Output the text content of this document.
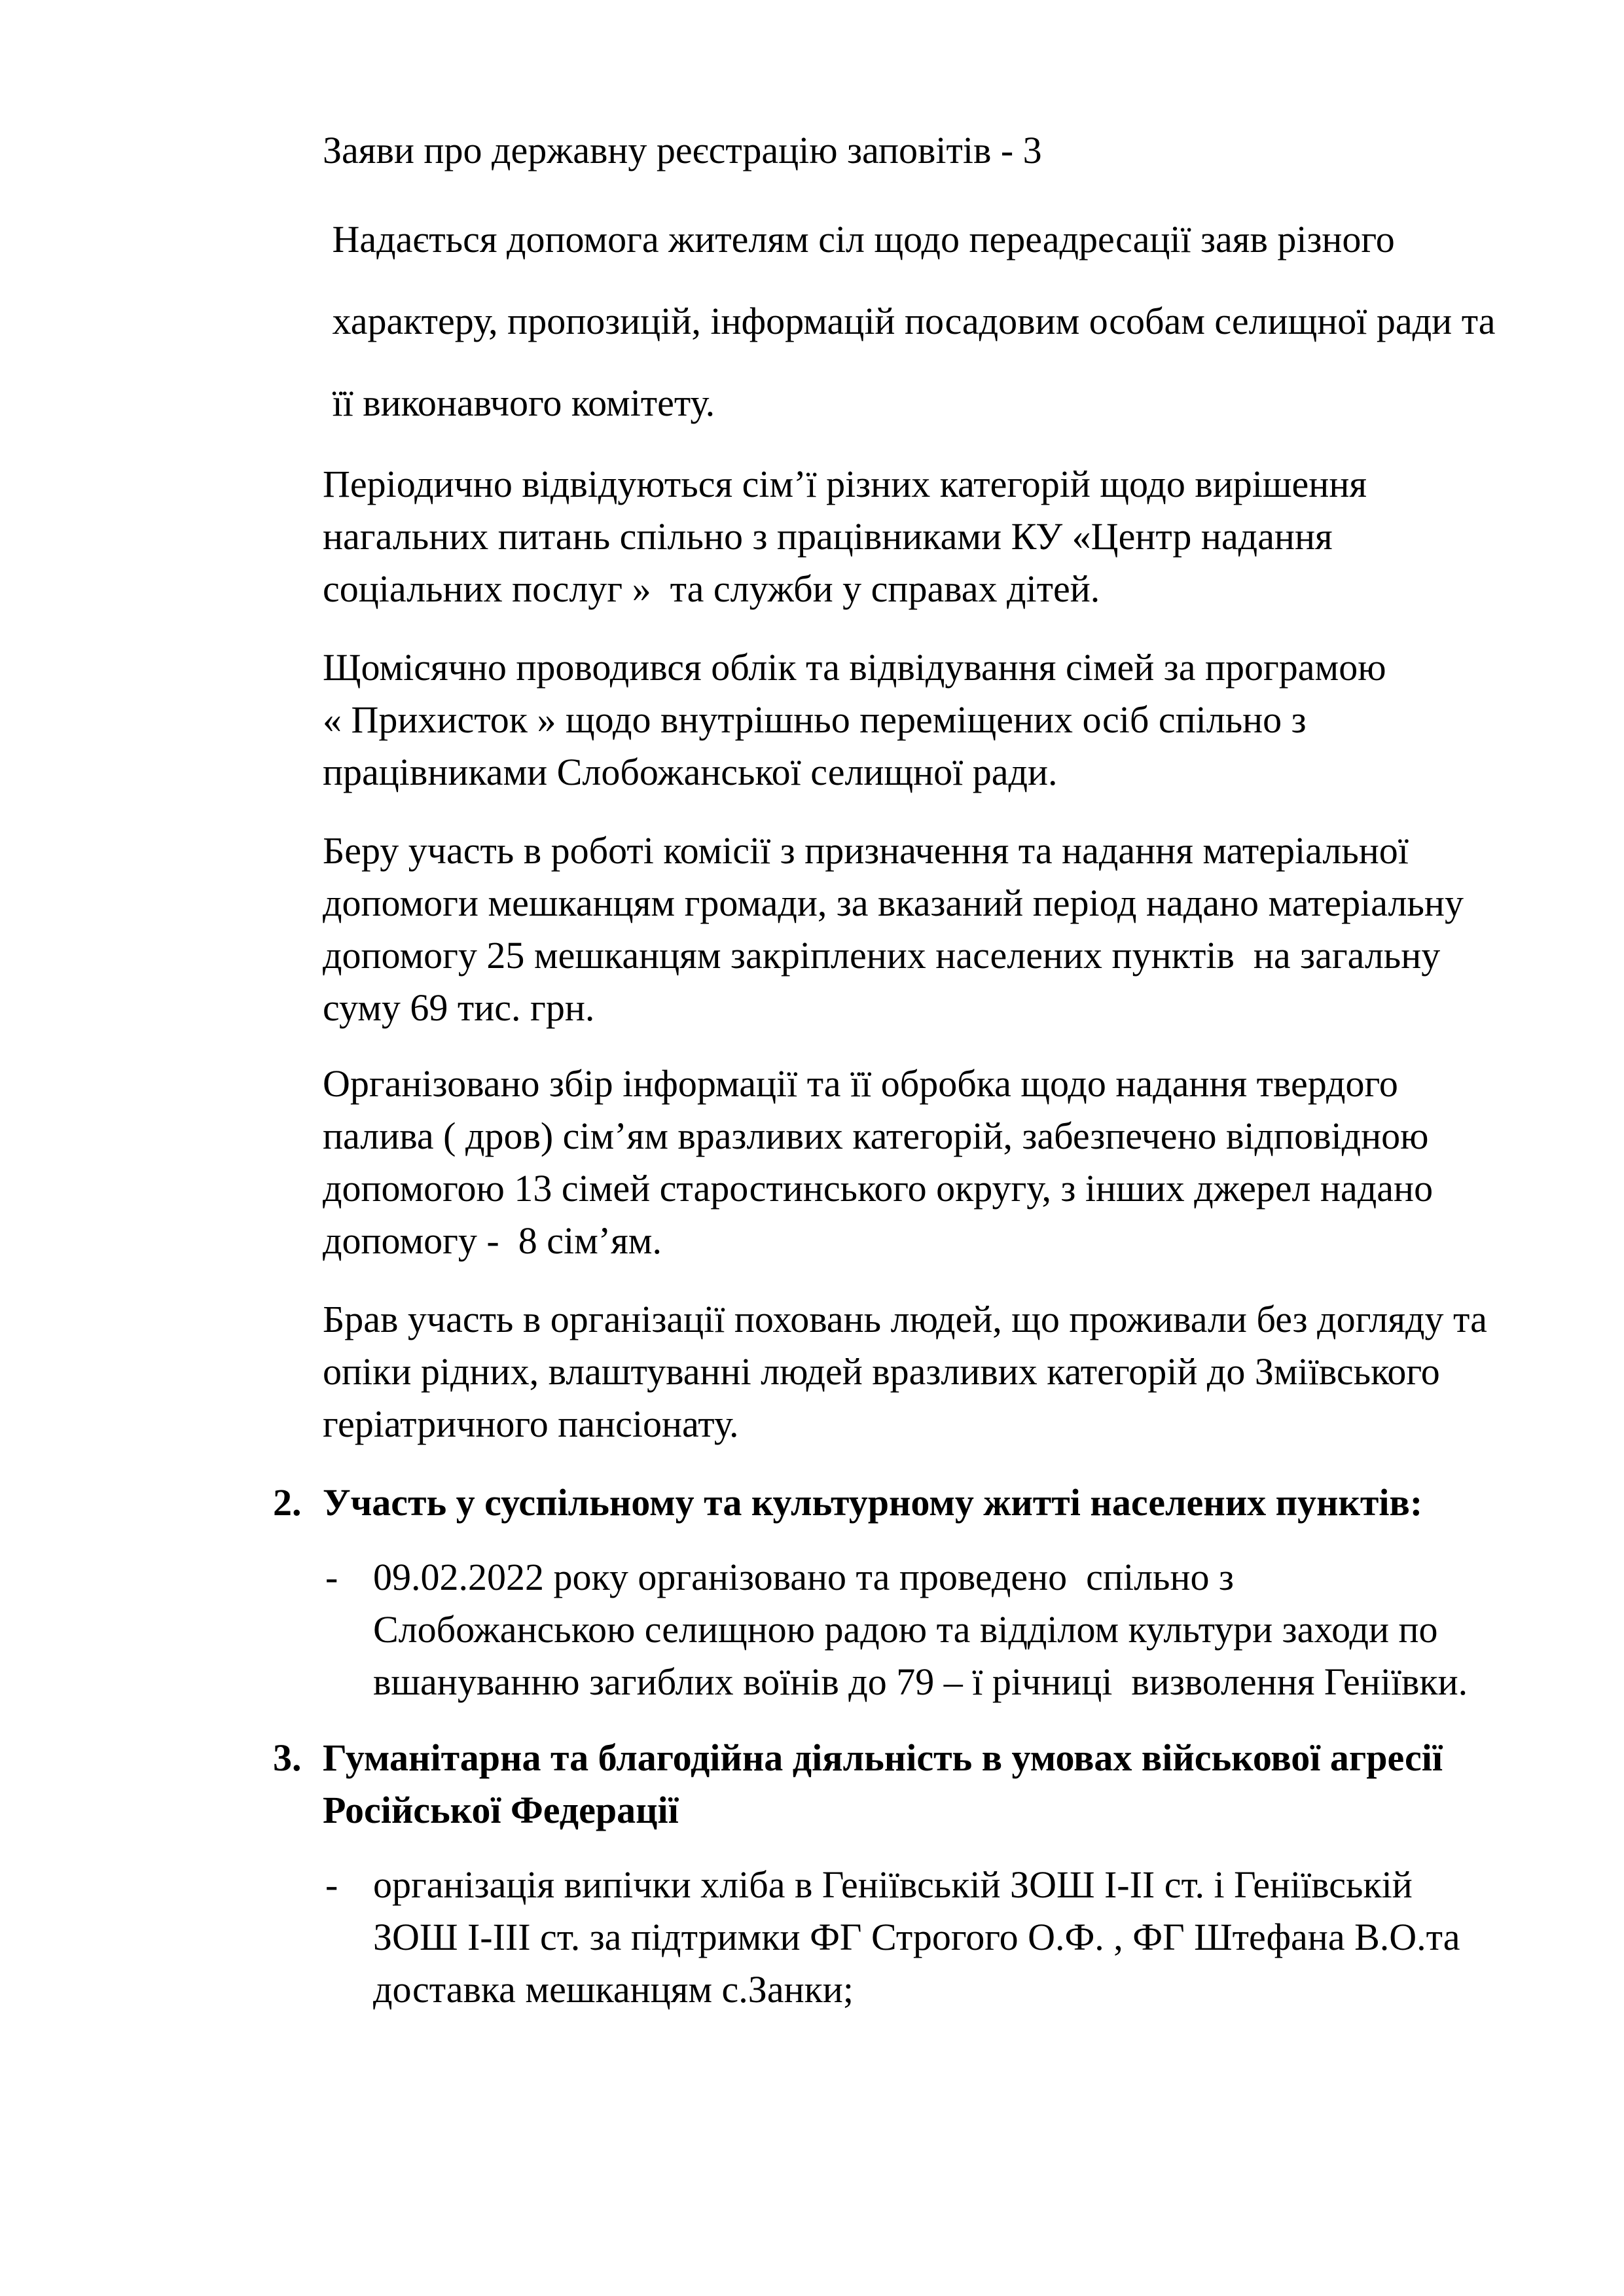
Заяви про державну реєстрацію заповітів - 3
Надається допомога жителям сіл щодо переадресації заяв різного
характеру, пропозицій, інформацій посадовим особам селищної ради та
її виконавчого комітету.
Періодично відвідуються сім’ї різних категорій щодо вирішення
нагальних питань спільно з працівниками КУ «Центр надання
соціальних послуг »  та служби у справах дітей.
Щомісячно проводився облік та відвідування сімей за програмою
« Прихисток » щодо внутрішньо переміщених осіб спільно з
працівниками Слобожанської селищної ради.
Беру участь в роботі комісії з призначення та надання матеріальної
допомоги мешканцям громади, за вказаний період надано матеріальну
допомогу 25 мешканцям закріплених населених пунктів  на загальну
суму 69 тис. грн.
Організовано збір інформації та її обробка щодо надання твердого
палива ( дров) сім’ям вразливих категорій, забезпечено відповідною
допомогою 13 сімей старостинського округу, з інших джерел надано
допомогу -  8 сім’ям.
Брав участь в організації поховань людей, що проживали без догляду та
опіки рідних, влаштуванні людей вразливих категорій до Зміївського
геріатричного пансіонату.
2. Участь у суспільному та культурному житті населених пунктів:
- 09.02.2022 року організовано та проведено  спільно з
Слобожанською селищною радою та відділом культури заходи по
вшануванню загиблих воїнів до 79 – ї річниці  визволення Геніївки.
3. Гуманітарна та благодійна діяльність в умовах військової агресії
Російської Федерації
- організація випічки хліба в Геніївській ЗОШ І-ІІ ст. і Геніївській
ЗОШ І-ІІІ ст. за підтримки ФГ Строгого О.Ф. , ФГ Штефана В.О.та
доставка мешканцям с.Занки;
